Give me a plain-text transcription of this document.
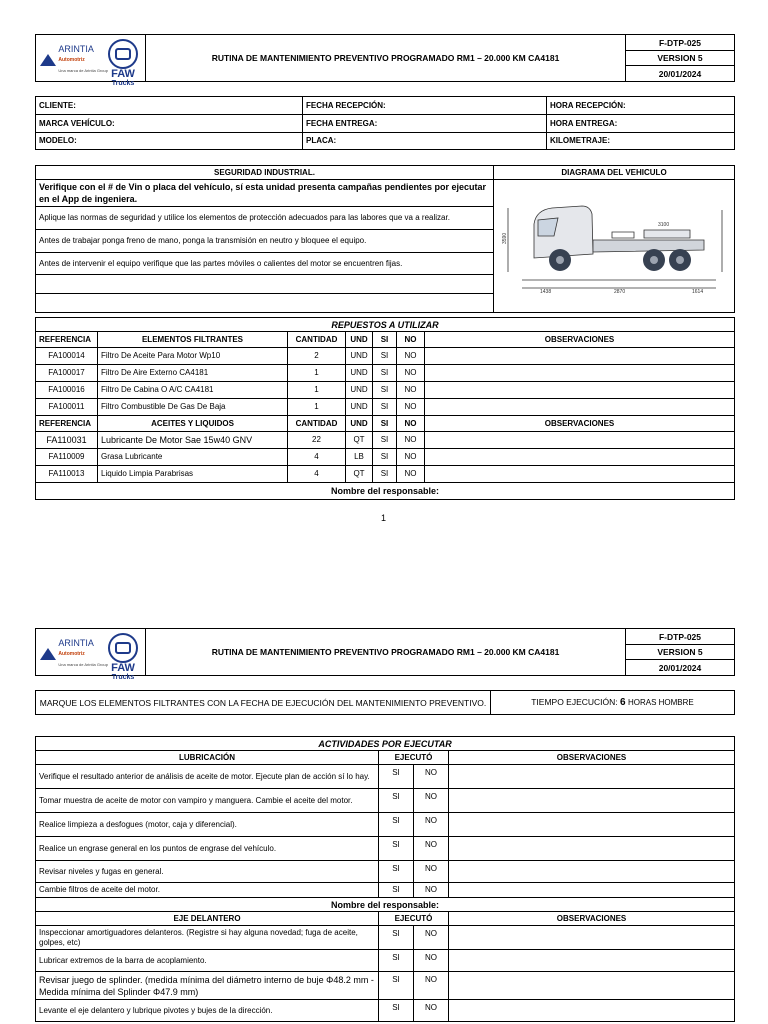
ARINTIA
Automotriz
Una marca de Arintia Group FAW
Trucks
	RUTINA DE MANTENIMIENTO PREVENTIVO PROGRAMADO RM1 – 20.000 KM CA4181	F-DTP-025
VERSION 5
20/01/2024
CLIENTE:	FECHA RECEPCIÓN:	HORA RECEPCIÓN:
MARCA VEHÍCULO:	FECHA ENTREGA:	HORA ENTREGA:
MODELO:	PLACA:	KILOMETRAJE:
SEGURIDAD INDUSTRIAL.	DIAGRAMA DEL VEHICULO
Verifique con el # de Vin o placa del vehículo, sí esta unidad presenta campañas pendientes por ejecutar en el App de ingeniera.	1438 2870 1614
3100
3590

Aplique las normas de seguridad y utilice los elementos de protección adecuados para las labores que va a realizar.	
Antes de trabajar ponga freno de mano, ponga la transmisión en neutro y bloquee el equipo.	
Antes de intervenir el equipo verifique que las partes móviles o calientes del motor se encuentren fijas.	

REPUESTOS A UTILIZAR						
REFERENCIA	ELEMENTOS FILTRANTES	CANTIDAD	UND	SI	NO	OBSERVACIONES
FA100014	Filtro De Aceite Para Motor Wp10	2	UND	SI	NO	
FA100017	Filtro De Aire Externo CA4181	1	UND	SI	NO	
FA100016	Filtro De Cabina O A/C CA4181	1	UND	SI	NO	
FA100011	Filtro Combustible De Gas De Baja	1	UND	SI	NO	
REFERENCIA	ACEITES Y LIQUIDOS	CANTIDAD	UND	SI	NO	OBSERVACIONES
FA110031	Lubricante De Motor Sae 15w40 GNV	22	QT	SI	NO	
FA110009	Grasa Lubricante	4	LB	SI	NO	
FA110013	Liquido Limpia Parabrisas	4	QT	SI	NO	
Nombre del responsable:						
1
ARINTIA
Automotriz
Una marca de Arintia Group FAW
Trucks
	RUTINA DE MANTENIMIENTO PREVENTIVO PROGRAMADO RM1 – 20.000 KM CA4181	F-DTP-025
VERSION 5
20/01/2024
MARQUE LOS ELEMENTOS FILTRANTES CON LA FECHA DE EJECUCIÓN DEL MANTENIMIENTO PREVENTIVO.	TIEMPO EJECUCIÓN: 6 HORAS HOMBRE
ACTIVIDADES POR EJECUTAR			
LUBRICACIÓN	EJECUTÓ		OBSERVACIONES
Verifique el resultado anterior de análisis de aceite de motor. Ejecute plan de acción sí lo hay.	SI	NO	
Tomar muestra de aceite de motor con vampiro y manguera. Cambie el aceite del motor.	SI	NO	
Realice limpieza a desfogues (motor, caja y diferencial).	SI	NO	
Realice un engrase general en los puntos de engrase del vehículo.	SI	NO	
Revisar niveles y fugas en general.	SI	NO	
Cambie filtros de aceite del motor.	SI	NO	
Nombre del responsable:			
EJE DELANTERO	EJECUTÓ		OBSERVACIONES
Inspeccionar amortiguadores delanteros. (Registre si hay alguna novedad; fuga de aceite, golpes, etc)	SI	NO	
Lubricar extremos de la barra de acoplamiento.	SI	NO	
Revisar juego de splinder. (medida mínima del diámetro interno de buje Φ48.2 mm - Medida mínima del Splinder Φ47.9 mm)	SI	NO	
Levante el eje delantero y lubrique pivotes y bujes de la dirección.	SI	NO	
